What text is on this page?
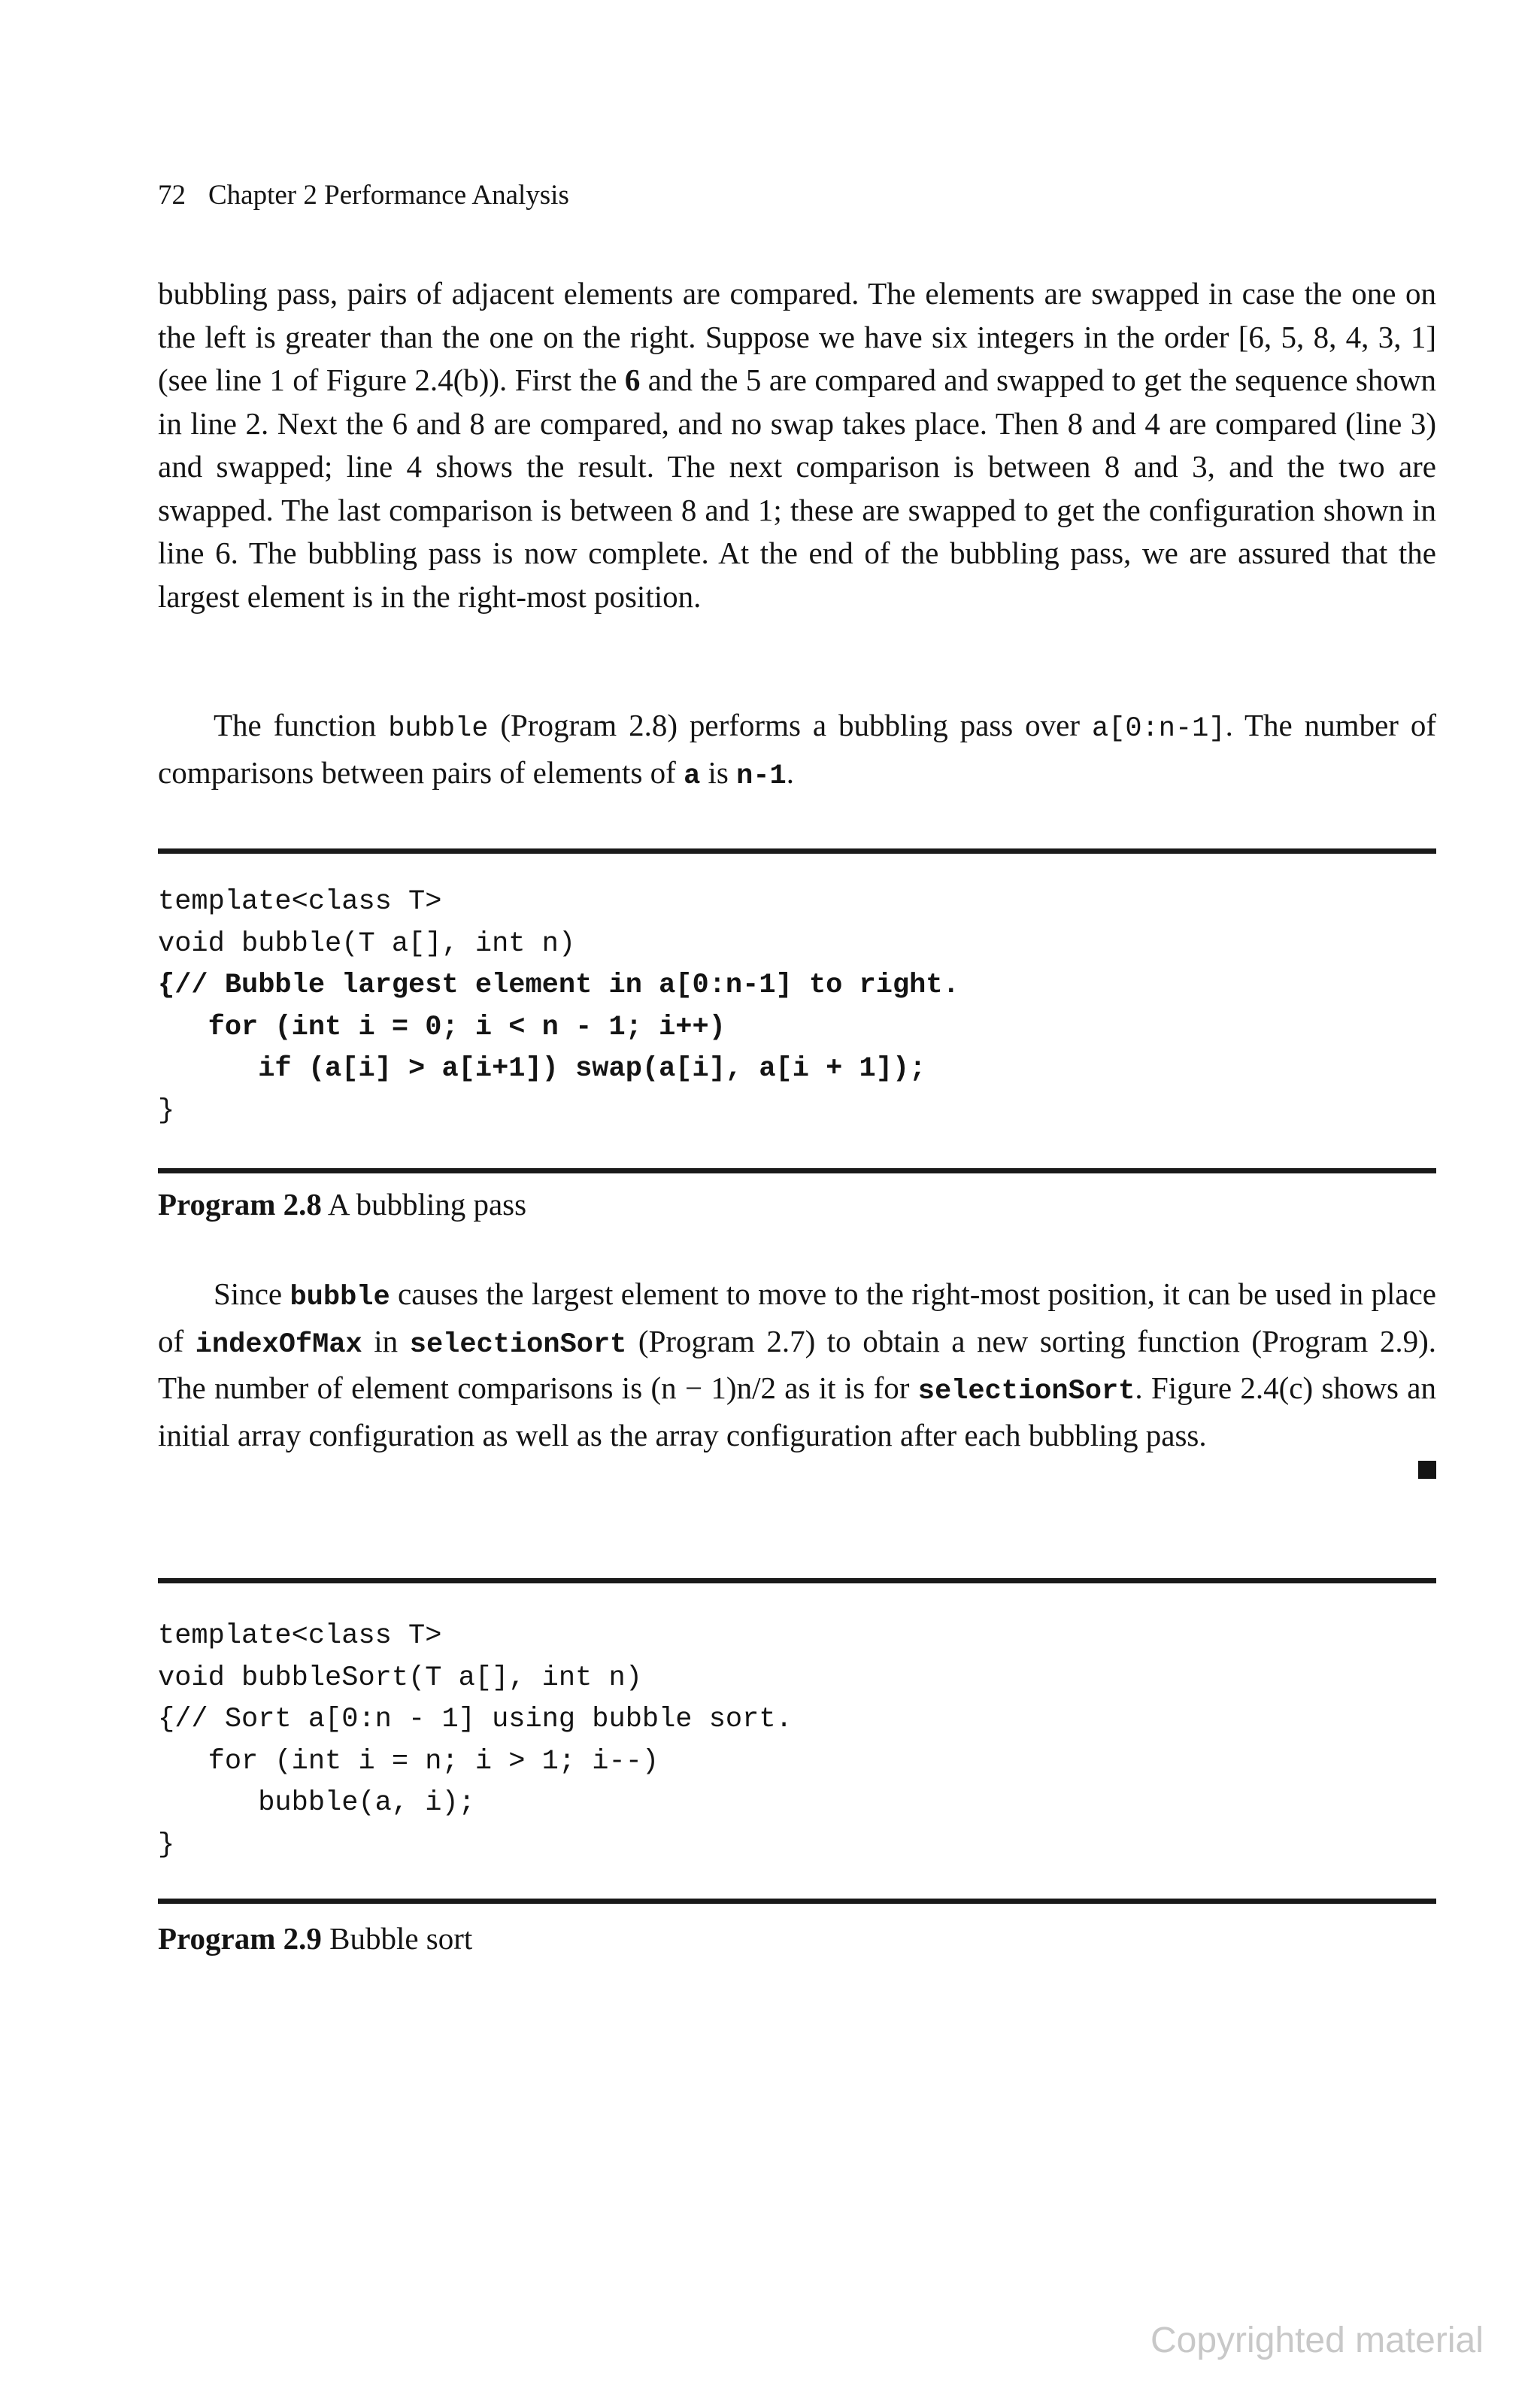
72 Chapter 2 Performance Analysis

bubbling pass, pairs of adjacent elements are compared. The elements are swapped in case the one on the left is greater than the one on the right. Suppose we have six integers in the order [6, 5, 8, 4, 3, 1] (see line 1 of Figure 2.4(b)). First the 6 and the 5 are compared and swapped to get the sequence shown in line 2. Next the 6 and 8 are compared, and no swap takes place. Then 8 and 4 are compared (line 3) and swapped; line 4 shows the result. The next comparison is between 8 and 3, and the two are swapped. The last comparison is between 8 and 1; these are swapped to get the configuration shown in line 6. The bubbling pass is now complete. At the end of the bubbling pass, we are assured that the largest element is in the right-most position.

The function bubble (Program 2.8) performs a bubbling pass over a[0:n-1]. The number of comparisons between pairs of elements of a is n-1.

template<class T>
void bubble(T a[], int n)
{// Bubble largest element in a[0:n-1] to right.
for (int i = 0; i < n - 1; i++)
if (a[i] > a[i+1]) swap(a[i], a[i + 1]);
}
Program 2.8 A bubbling pass

Since bubble causes the largest element to move to the right-most position, it can be used in place of indexOfMax in selectionSort (Program 2.7) to obtain a new sorting function (Program 2.9). The number of element comparisons is (n − 1)n/2 as it is for selectionSort. Figure 2.4(c) shows an initial array configuration as well as the array configuration after each bubbling pass.

template<class T>
void bubbleSort(T a[], int n)
{// Sort a[0:n - 1] using bubble sort.
for (int i = n; i > 1; i--)
bubble(a, i);
}
Program 2.9 Bubble sort
Copyrighted material
